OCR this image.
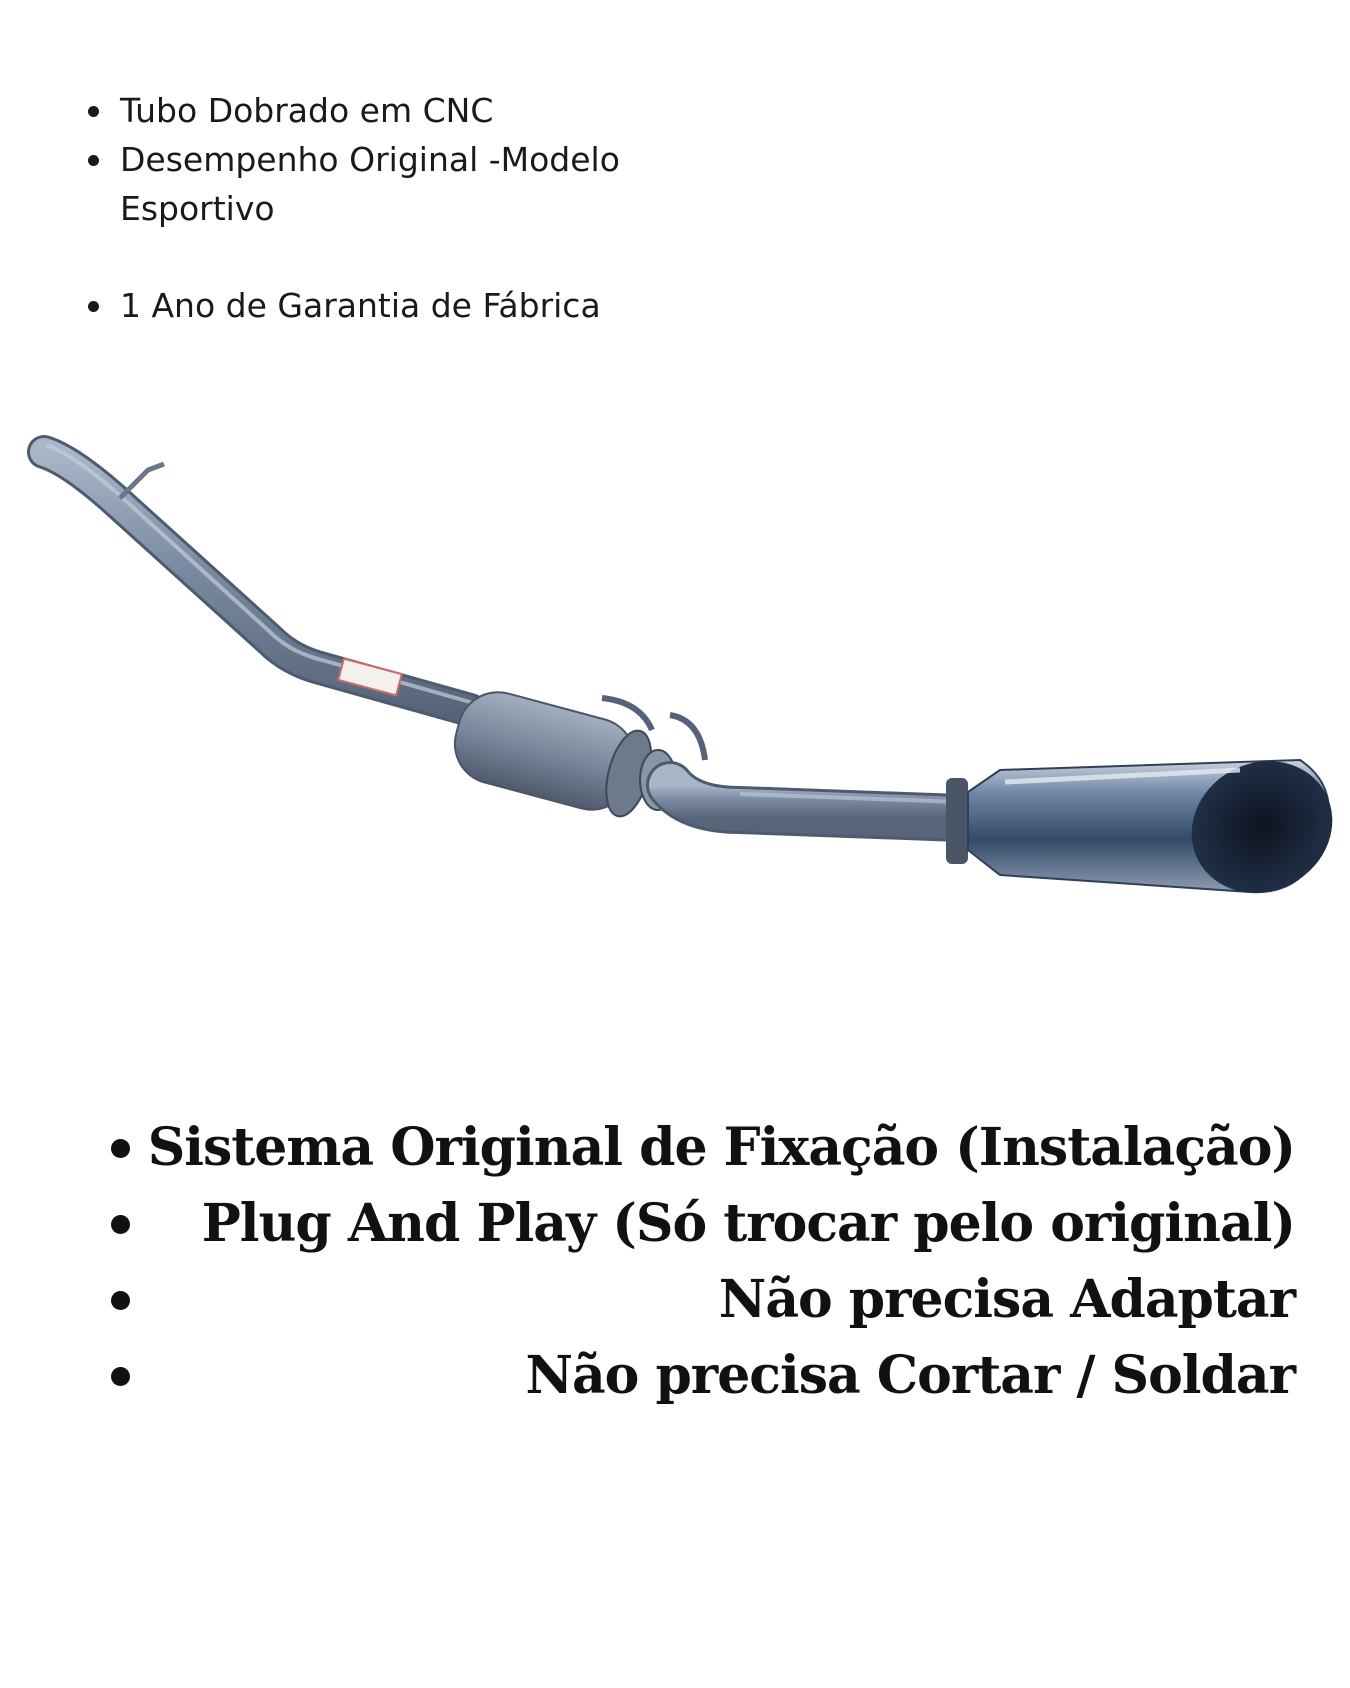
Tubo Dobrado em CNC
Desempenho Original -Modelo Esportivo
1 Ano de Garantia de Fábrica
Sistema Original de Fixação (Instalação)
Plug And Play (Só trocar pelo original)
Não precisa Adaptar
Não precisa Cortar / Soldar
